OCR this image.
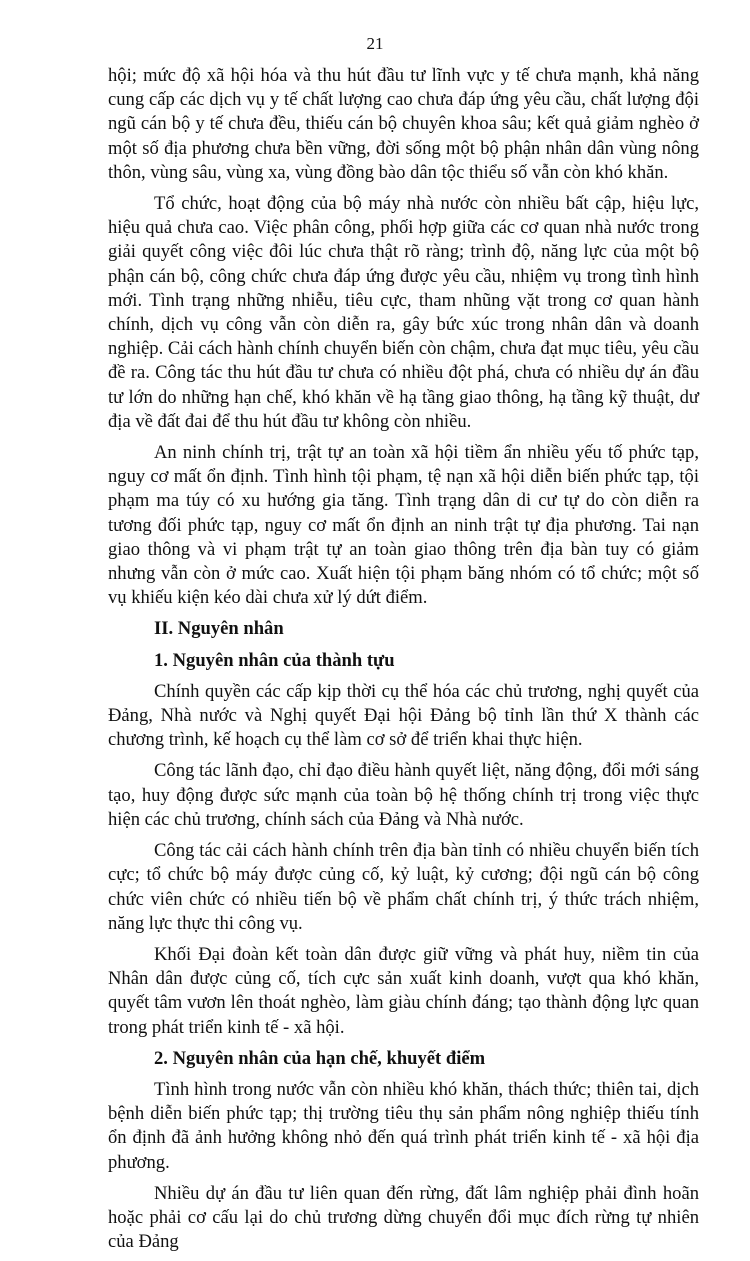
21

hội; mức độ xã hội hóa và thu hút đầu tư lĩnh vực y tế chưa mạnh, khả năng cung cấp các dịch vụ y tế chất lượng cao chưa đáp ứng yêu cầu, chất lượng đội ngũ cán bộ y tế chưa đều, thiếu cán bộ chuyên khoa sâu; kết quả giảm nghèo ở một số địa phương chưa bền vững, đời sống một bộ phận nhân dân vùng nông thôn, vùng sâu, vùng xa, vùng đồng bào dân tộc thiểu số vẫn còn khó khăn.

Tổ chức, hoạt động của bộ máy nhà nước còn nhiều bất cập, hiệu lực, hiệu quả chưa cao. Việc phân công, phối hợp giữa các cơ quan nhà nước trong giải quyết công việc đôi lúc chưa thật rõ ràng; trình độ, năng lực của một bộ phận cán bộ, công chức chưa đáp ứng được yêu cầu, nhiệm vụ trong tình hình mới. Tình trạng những nhiễu, tiêu cực, tham nhũng vặt trong cơ quan hành chính, dịch vụ công vẫn còn diễn ra, gây bức xúc trong nhân dân và doanh nghiệp. Cải cách hành chính chuyển biến còn chậm, chưa đạt mục tiêu, yêu cầu đề ra. Công tác thu hút đầu tư chưa có nhiều đột phá, chưa có nhiều dự án đầu tư lớn do những hạn chế, khó khăn về hạ tầng giao thông, hạ tầng kỹ thuật, dư địa về đất đai để thu hút đầu tư không còn nhiều.

An ninh chính trị, trật tự an toàn xã hội tiềm ẩn nhiều yếu tố phức tạp, nguy cơ mất ổn định. Tình hình tội phạm, tệ nạn xã hội diễn biến phức tạp, tội phạm ma túy có xu hướng gia tăng. Tình trạng dân di cư tự do còn diễn ra tương đối phức tạp, nguy cơ mất ổn định an ninh trật tự địa phương. Tai nạn giao thông và vi phạm trật tự an toàn giao thông trên địa bàn tuy có giảm nhưng vẫn còn ở mức cao. Xuất hiện tội phạm băng nhóm có tổ chức; một số vụ khiếu kiện kéo dài chưa xử lý dứt điểm.

II. Nguyên nhân

1. Nguyên nhân của thành tựu

Chính quyền các cấp kịp thời cụ thể hóa các chủ trương, nghị quyết của Đảng, Nhà nước và Nghị quyết Đại hội Đảng bộ tỉnh lần thứ X thành các chương trình, kế hoạch cụ thể làm cơ sở để triển khai thực hiện.

Công tác lãnh đạo, chỉ đạo điều hành quyết liệt, năng động, đổi mới sáng tạo, huy động được sức mạnh của toàn bộ hệ thống chính trị trong việc thực hiện các chủ trương, chính sách của Đảng và Nhà nước.

Công tác cải cách hành chính trên địa bàn tỉnh có nhiều chuyển biến tích cực; tổ chức bộ máy được củng cố, kỷ luật, kỷ cương; đội ngũ cán bộ công chức viên chức có nhiều tiến bộ về phẩm chất chính trị, ý thức trách nhiệm, năng lực thực thi công vụ.

Khối Đại đoàn kết toàn dân được giữ vững và phát huy, niềm tin của Nhân dân được củng cố, tích cực sản xuất kinh doanh, vượt qua khó khăn, quyết tâm vươn lên thoát nghèo, làm giàu chính đáng; tạo thành động lực quan trong phát triển kinh tế - xã hội.

2. Nguyên nhân của hạn chế, khuyết điểm

Tình hình trong nước vẫn còn nhiều khó khăn, thách thức; thiên tai, dịch bệnh diễn biến phức tạp; thị trường tiêu thụ sản phẩm nông nghiệp thiếu tính ổn định đã ảnh hưởng không nhỏ đến quá trình phát triển kinh tế - xã hội địa phương.

Nhiều dự án đầu tư liên quan đến rừng, đất lâm nghiệp phải đình hoãn hoặc phải cơ cấu lại do chủ trương dừng chuyển đổi mục đích rừng tự nhiên của Đảng
